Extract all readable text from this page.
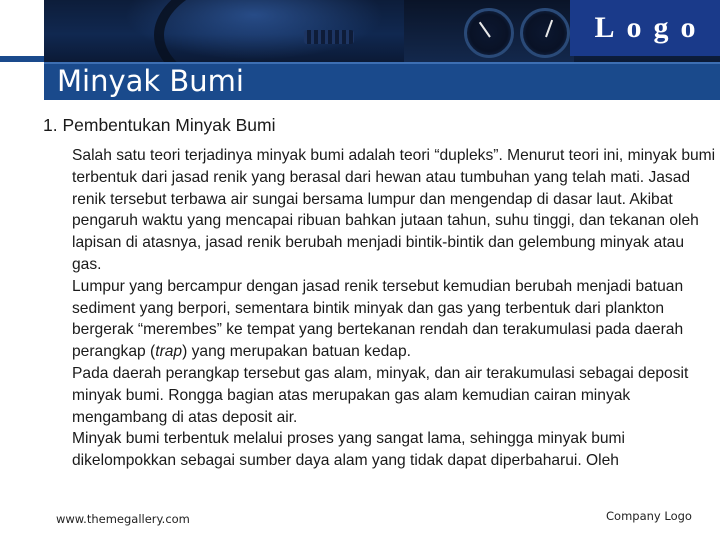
Logo
Minyak Bumi
1. Pembentukan Minyak Bumi

Salah satu teori terjadinya minyak bumi adalah teori “dupleks”. Menurut teori ini, minyak bumi terbentuk dari jasad renik yang berasal dari hewan atau tumbuhan yang telah mati. Jasad renik tersebut terbawa air sungai bersama lumpur dan mengendap di dasar laut. Akibat pengaruh waktu yang mencapai ribuan bahkan jutaan tahun, suhu tinggi, dan tekanan oleh lapisan di atasnya, jasad renik berubah menjadi bintik-bintik dan gelembung minyak atau gas.

Lumpur yang bercampur dengan jasad renik tersebut kemudian berubah menjadi batuan sediment yang berpori, sementara bintik minyak dan gas yang terbentuk dari plankton bergerak “merembes” ke tempat yang bertekanan rendah dan terakumulasi pada daerah perangkap (trap) yang merupakan batuan kedap.

Pada daerah perangkap tersebut gas alam, minyak, dan air terakumulasi sebagai deposit minyak bumi. Rongga bagian atas merupakan gas alam kemudian cairan minyak mengambang di atas deposit air.

Minyak bumi terbentuk melalui proses yang sangat lama, sehingga minyak bumi dikelompokkan sebagai sumber daya alam yang tidak dapat diperbaharui. Oleh

www.themegallery.com	Company Logo
